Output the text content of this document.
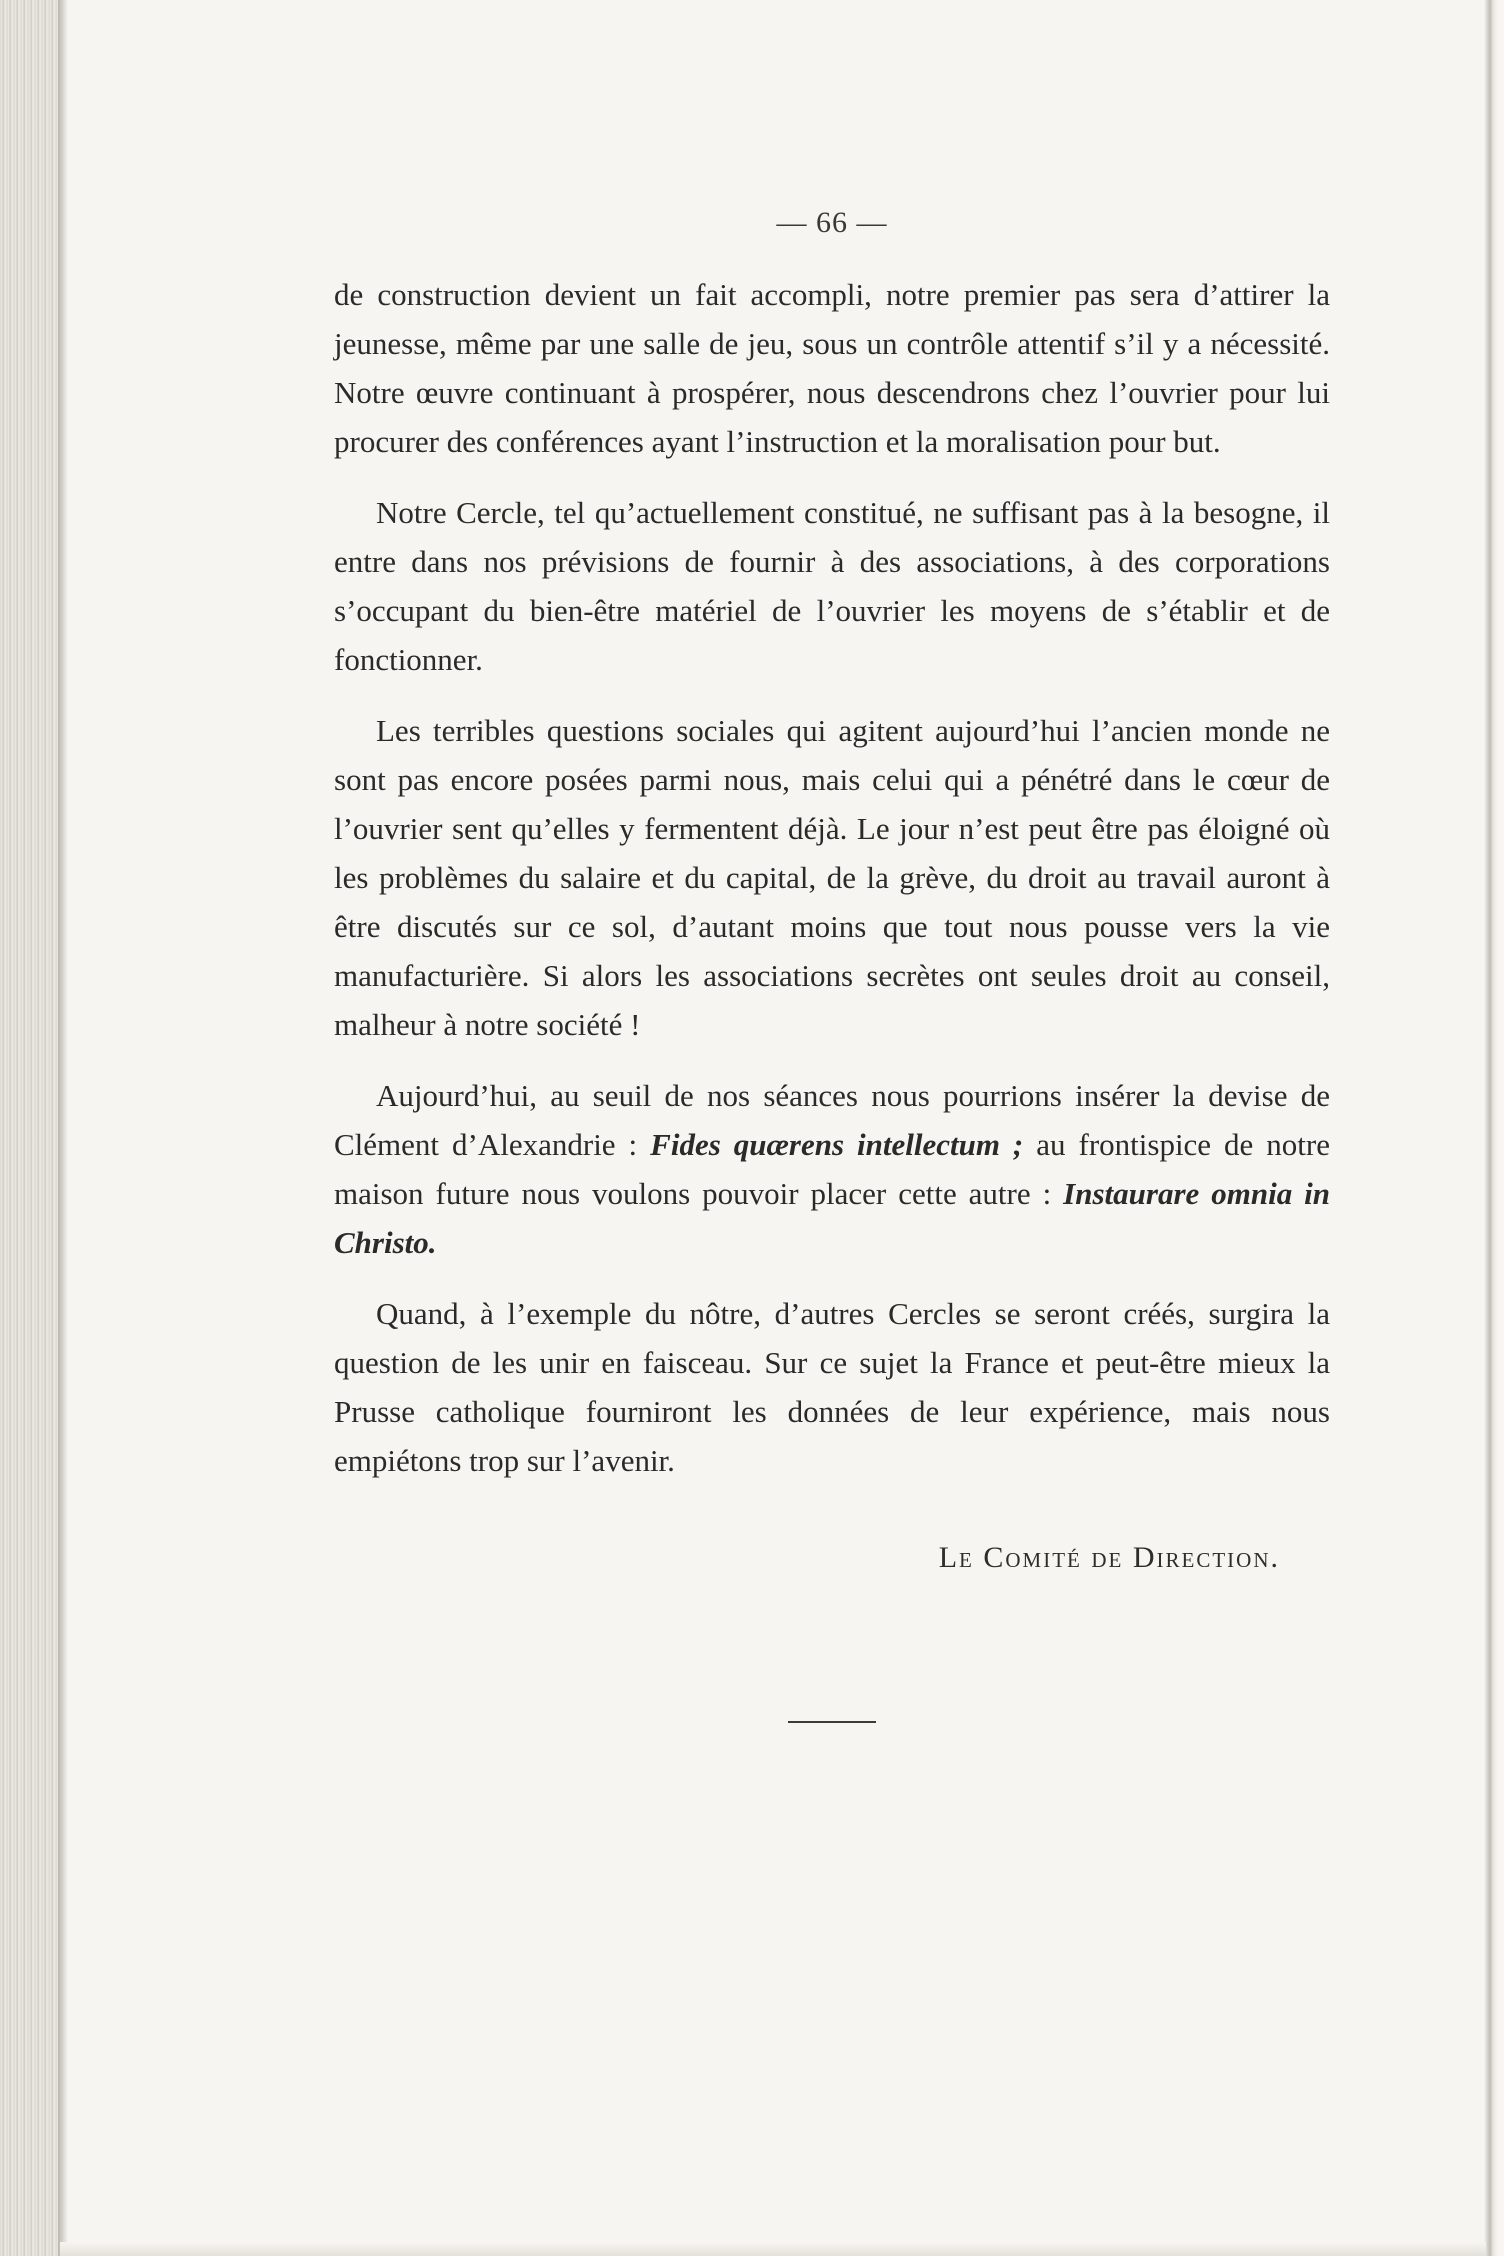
— 66 —

de construction devient un fait accompli, notre premier pas sera d’attirer la jeunesse, même par une salle de jeu, sous un contrôle attentif s’il y a nécessité. Notre œuvre continuant à prospérer, nous descendrons chez l’ouvrier pour lui procurer des conférences ayant l’instruction et la moralisation pour but.

Notre Cercle, tel qu’actuellement constitué, ne suffisant pas à la besogne, il entre dans nos prévisions de fournir à des associations, à des corporations s’occupant du bien-être matériel de l’ouvrier les moyens de s’établir et de fonctionner.

Les terribles questions sociales qui agitent aujourd’hui l’ancien monde ne sont pas encore posées parmi nous, mais celui qui a pénétré dans le cœur de l’ouvrier sent qu’elles y fermentent déjà. Le jour n’est peut être pas éloigné où les problèmes du salaire et du capital, de la grève, du droit au travail auront à être discutés sur ce sol, d’autant moins que tout nous pousse vers la vie manufacturière. Si alors les associations secrètes ont seules droit au conseil, malheur à notre société !

Aujourd’hui, au seuil de nos séances nous pourrions insérer la devise de Clément d’Alexandrie : Fides quærens intellectum ; au frontispice de notre maison future nous voulons pouvoir placer cette autre : Instaurare omnia in Christo.

Quand, à l’exemple du nôtre, d’autres Cercles se seront créés, surgira la question de les unir en faisceau. Sur ce sujet la France et peut-être mieux la Prusse catholique fourniront les données de leur expérience, mais nous empiétons trop sur l’avenir.

Le Comité de Direction.
